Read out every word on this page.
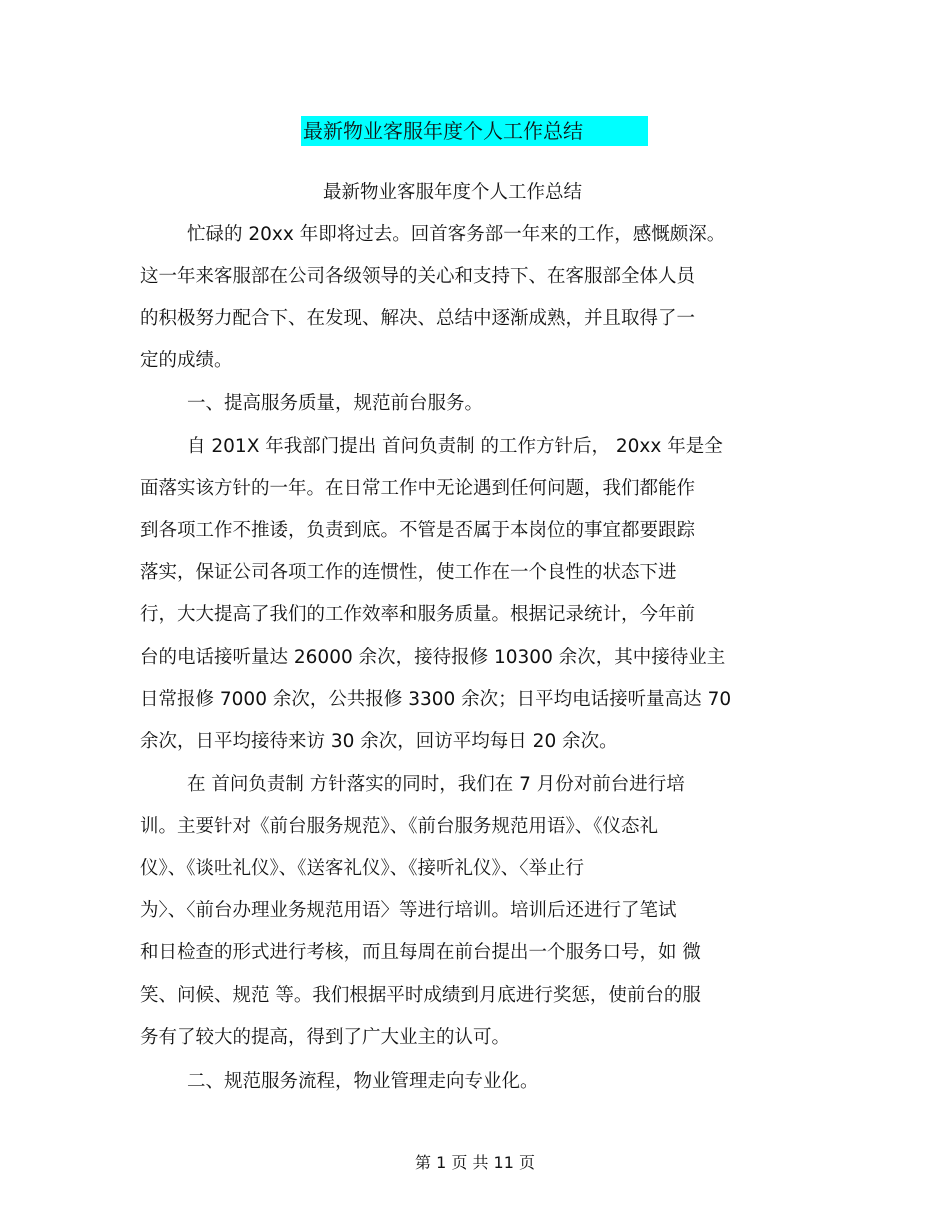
最新物业客服年度个人工作总结
最新物业客服年度个人工作总结
忙碌的 20xx 年即将过去。回首客务部一年来的工作，感慨颇深。
这一年来客服部在公司各级领导的关心和支持下、在客服部全体人员
的积极努力配合下、在发现、解决、总结中逐渐成熟，并且取得了一
定的成绩。
一、提高服务质量，规范前台服务。
自 201X 年我部门提出 首问负责制 的工作方针后， 20xx 年是全
面落实该方针的一年。在日常工作中无论遇到任何问题，我们都能作
到各项工作不推诿，负责到底。不管是否属于本岗位的事宜都要跟踪
落实，保证公司各项工作的连惯性，使工作在一个良性的状态下进
行，大大提高了我们的工作效率和服务质量。根据记录统计，今年前
台的电话接听量达 26000 余次，接待报修 10300 余次，其中接待业主
日常报修 7000 余次，公共报修 3300 余次；日平均电话接听量高达 70
余次，日平均接待来访 30 余次，回访平均每日 20 余次。
在 首问负责制 方针落实的同时，我们在 7 月份对前台进行培
训。主要针对《前台服务规范》、《前台服务规范用语》、《仪态礼
仪》、《谈吐礼仪》、《送客礼仪》、《接听礼仪》、〈举止行
为〉、〈前台办理业务规范用语〉等进行培训。培训后还进行了笔试
和日检查的形式进行考核，而且每周在前台提出一个服务口号，如 微
笑、问候、规范 等。我们根据平时成绩到月底进行奖惩，使前台的服
务有了较大的提高，得到了广大业主的认可。
二、规范服务流程，物业管理走向专业化。
第 1 页 共 11 页
